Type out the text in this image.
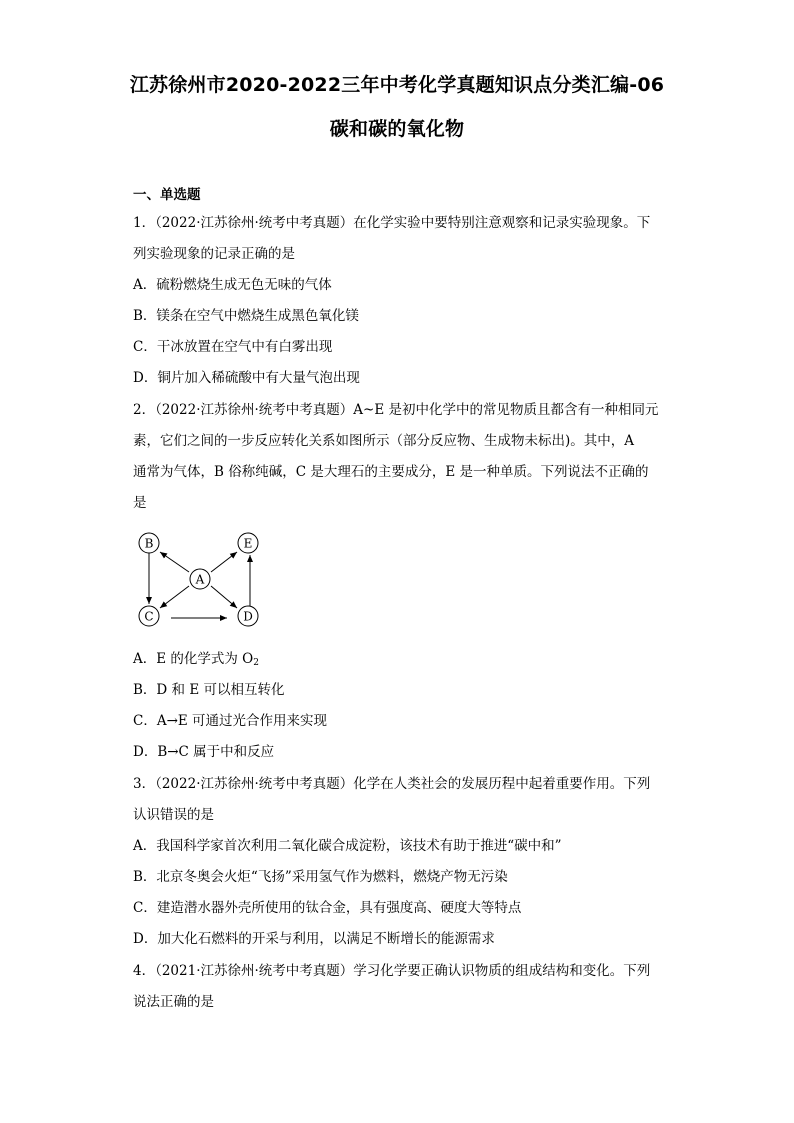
江苏徐州市2020-2022三年中考化学真题知识点分类汇编-06
碳和碳的氧化物
一、单选题
1．（2022·江苏徐州·统考中考真题）在化学实验中要特别注意观察和记录实验现象。下
列实验现象的记录正确的是
A．硫粉燃烧生成无色无味的气体
B．镁条在空气中燃烧生成黑色氧化镁
C．干冰放置在空气中有白雾出现
D．铜片加入稀硫酸中有大量气泡出现
2．（2022·江苏徐州·统考中考真题）A~E 是初中化学中的常见物质且都含有一种相同元
素，它们之间的一步反应转化关系如图所示（部分反应物、生成物未标出)。其中，A
通常为气体，B 俗称纯碱，C 是大理石的主要成分，E 是一种单质。下列说法不正确的
是
B	E
A
C	D
A．E 的化学式为 $O_2$
B．D 和 E 可以相互转化
C．A→E 可通过光合作用来实现
D．B→C 属于中和反应
3．（2022·江苏徐州·统考中考真题）化学在人类社会的发展历程中起着重要作用。下列
认识错误的是
A．我国科学家首次利用二氧化碳合成淀粉，该技术有助于推进“碳中和”
B．北京冬奥会火炬“飞扬”采用氢气作为燃料，燃烧产物无污染
C．建造潜水器外壳所使用的钛合金，具有强度高、硬度大等特点
D．加大化石燃料的开采与利用，以满足不断增长的能源需求
4．（2021·江苏徐州·统考中考真题）学习化学要正确认识物质的组成结构和变化。下列
说法正确的是
